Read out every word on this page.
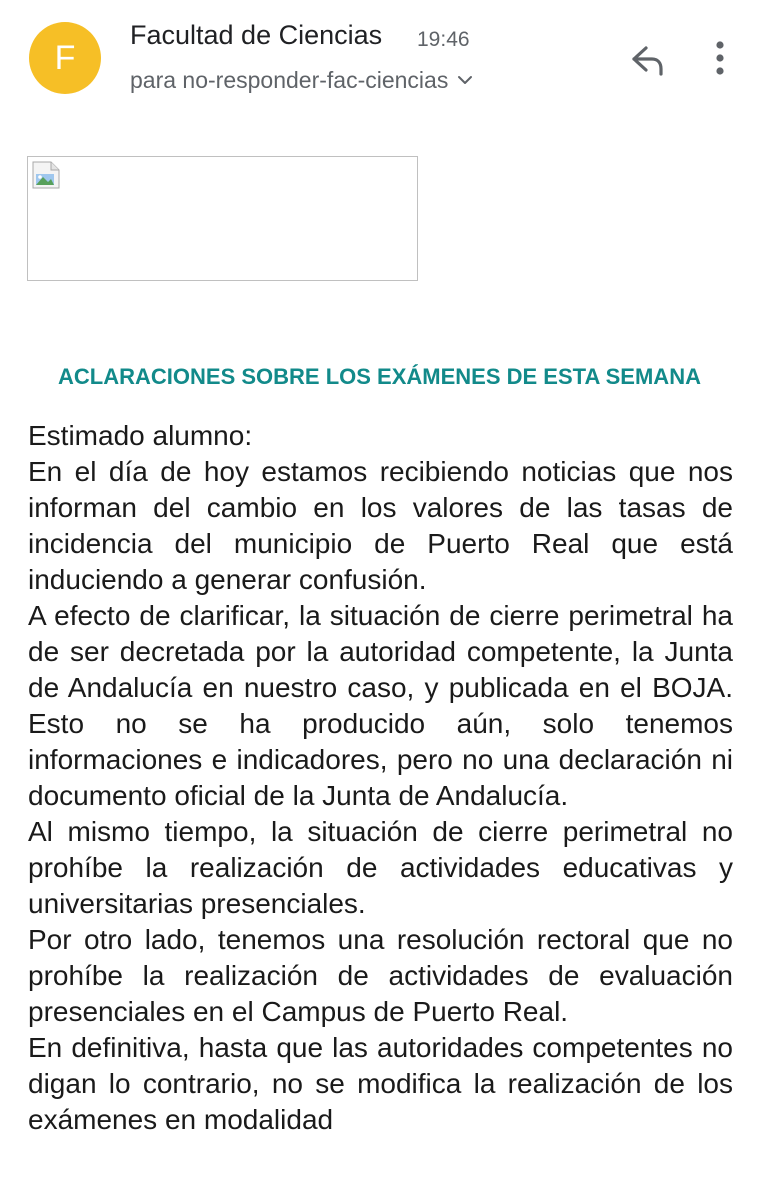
F
Facultad de Ciencias 19:46
para no-responder-fac-ciencias
ACLARACIONES SOBRE LOS EXÁMENES DE ESTA SEMANA

Estimado alumno:

En el día de hoy estamos recibiendo noticias que nos informan del cambio en los valores de las tasas de incidencia del municipio de Puerto Real que está induciendo a generar confusión.

A efecto de clarificar, la situación de cierre perimetral ha de ser decretada por la autoridad competente, la Junta de Andalucía en nuestro caso, y publicada en el BOJA. Esto no se ha producido aún, solo tenemos informaciones e indicadores, pero no una declaración ni documento oficial de la Junta de Andalucía.

Al mismo tiempo, la situación de cierre perimetral no prohíbe la realización de actividades educativas y universitarias presenciales.

Por otro lado, tenemos una resolución rectoral que no prohíbe la realización de actividades de evaluación presenciales en el Campus de Puerto Real.

En definitiva, hasta que las autoridades competentes no digan lo contrario, no se modifica la realización de los exámenes en modalidad
